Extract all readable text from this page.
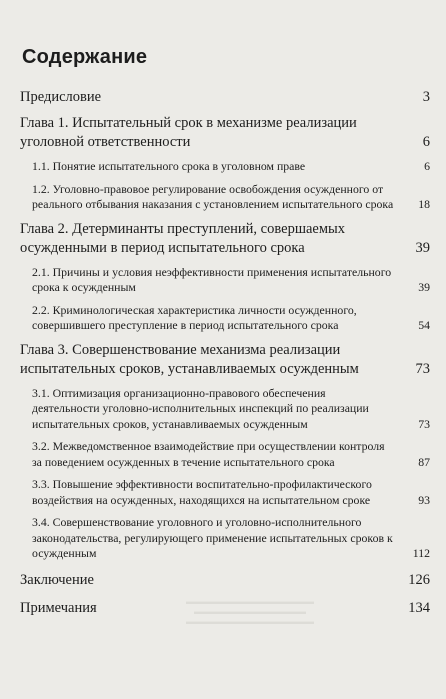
Содержание
Предисловие	3
Глава 1. Испытательный срок в механизме реализации уголовной ответственности	6
1.1. Понятие испытательного срока в уголовном праве	6
1.2. Уголовно-правовое регулирование освобождения осужденного от реального отбывания наказания с установлением испытательного срока 18
Глава 2. Детерминанты преступлений, совершаемых осужденными в период испытательного срока	39
2.1. Причины и условия неэффективности применения испытательного срока к осужденным	39
2.2. Криминологическая характеристика личности осужденного, совершившего преступление в период испытательного срока	54
Глава 3. Совершенствование механизма реализации испытательных сроков, устанавливаемых осужденным	73
3.1. Оптимизация организационно-правового обеспечения деятельности уголовно-исполнительных инспекций по реализации испытательных сроков, устанавливаемых осужденным	73
3.2. Межведомственное взаимодействие при осуществлении контроля за поведением осужденных в течение испытательного срока	87
3.3. Повышение эффективности воспитательно-профилактического воздействия на осужденных, находящихся на испытательном сроке	93
3.4. Совершенствование уголовного и уголовно-исполнительного законодательства, регулирующего применение испытательных сроков к осужденным	112
Заключение	126
Примечания	134
▬▬▬▬▬▬▬▬▬▬▬▬▬▬▬▬
▬▬▬▬▬▬▬▬▬▬▬▬▬▬
▬▬▬▬▬▬▬▬▬▬▬▬▬▬▬▬
